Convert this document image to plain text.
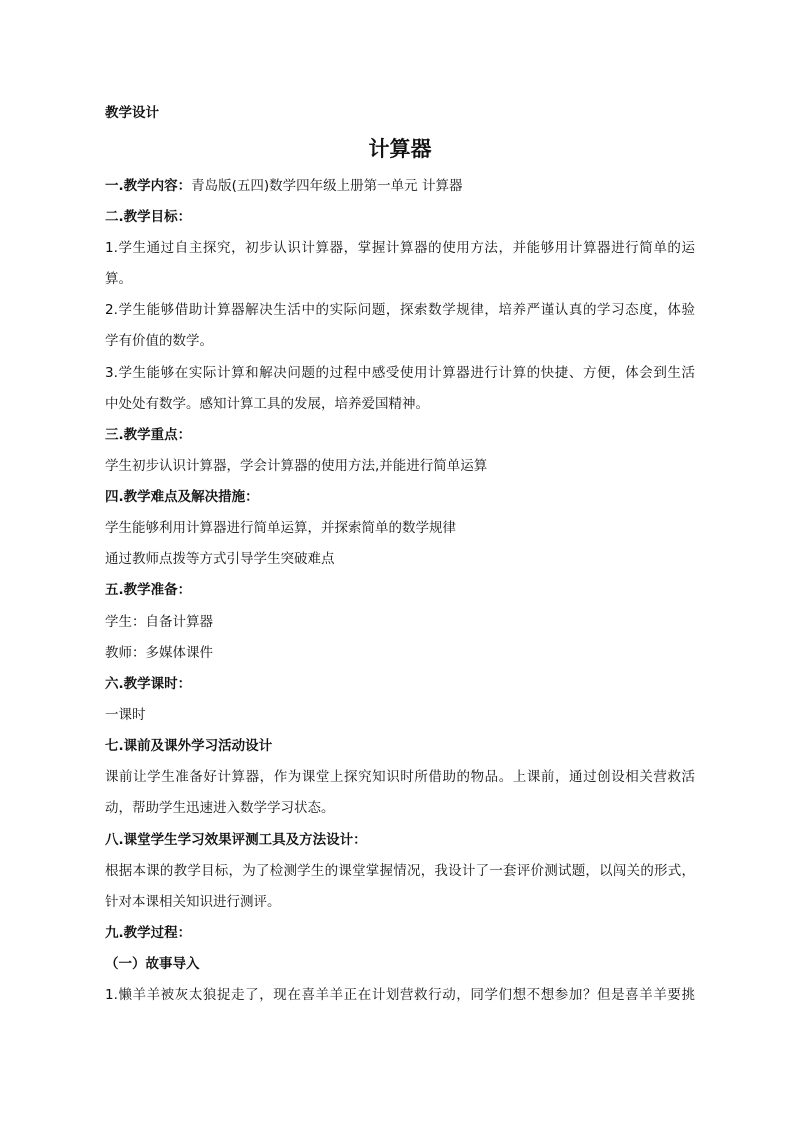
教学设计
计算器
一.教学内容：青岛版(五四)数学四年级上册第一单元 计算器
二.教学目标：
1.学生通过自主探究，初步认识计算器，掌握计算器的使用方法，并能够用计算器进行简单的运
算。
2.学生能够借助计算器解决生活中的实际问题，探索数学规律，培养严谨认真的学习态度，体验
学有价值的数学。
3.学生能够在实际计算和解决问题的过程中感受使用计算器进行计算的快捷、方便，体会到生活
中处处有数学。感知计算工具的发展，培养爱国精神。
三.教学重点：
学生初步认识计算器，学会计算器的使用方法,并能进行简单运算
四.教学难点及解决措施：
学生能够利用计算器进行简单运算，并探索简单的数学规律
通过教师点拨等方式引导学生突破难点
五.教学准备：
学生：自备计算器
教师：多媒体课件
六.教学课时：
一课时
七.课前及课外学习活动设计
课前让学生准备好计算器，作为课堂上探究知识时所借助的物品。上课前，通过创设相关营救活
动，帮助学生迅速进入数学学习状态。
八.课堂学生学习效果评测工具及方法设计：
根据本课的教学目标，为了检测学生的课堂掌握情况，我设计了一套评价测试题，以闯关的形式，
针对本课相关知识进行测评。
九.教学过程：
（一）故事导入
1.懒羊羊被灰太狼捉走了，现在喜羊羊正在计划营救行动，同学们想不想参加？但是喜羊羊要挑
